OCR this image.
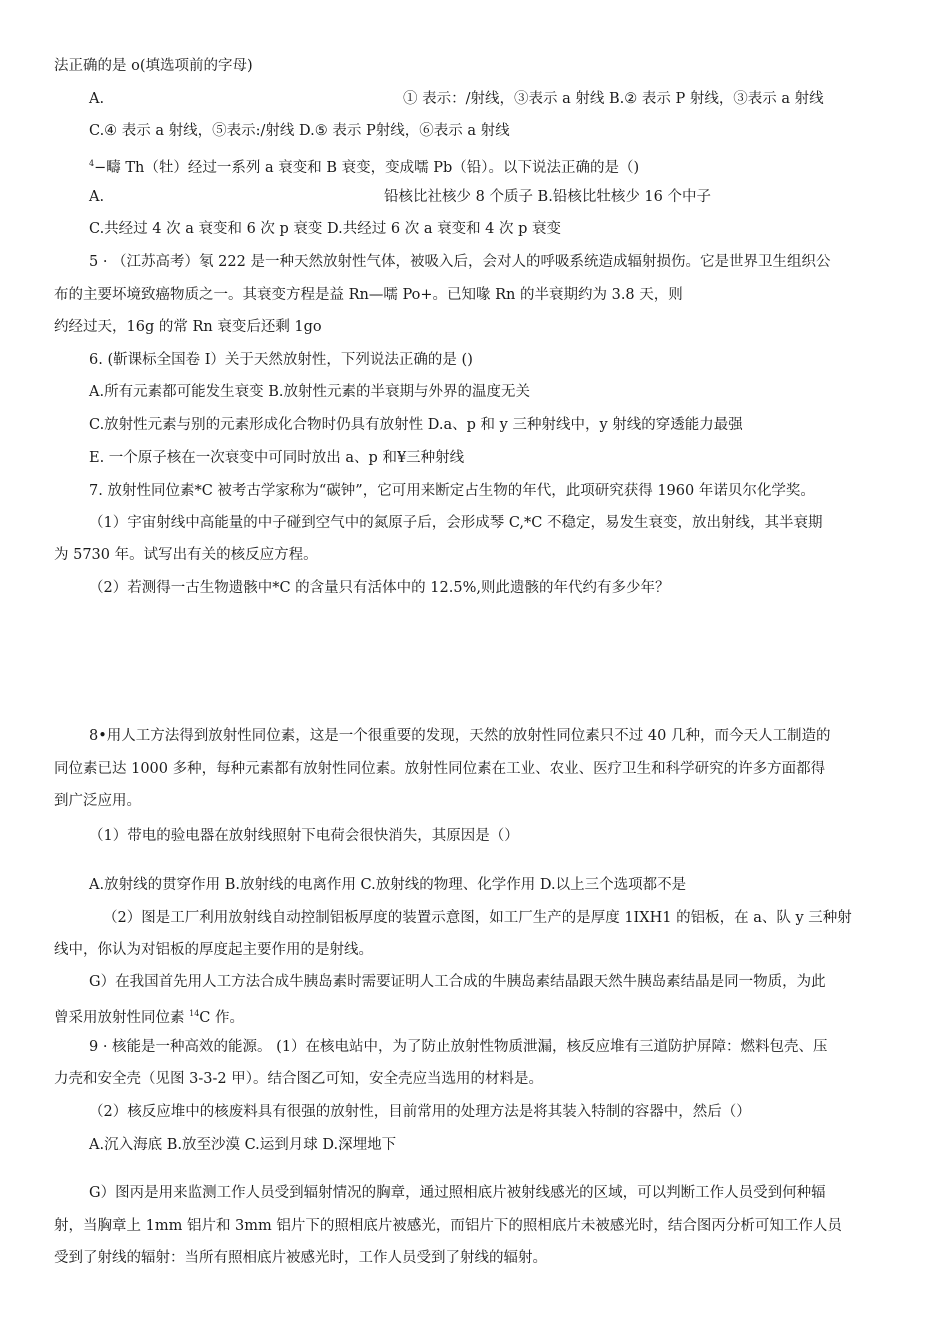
法正确的是 o(填选项前的字母)
A.	① 表示：/射线，③表示 a 射线 B.② 表示 P 射线，③表示 a 射线
C.④ 表示 a 射线，⑤表示:/射线 D.⑤ 表示 P射线，⑥表示 a 射线
$^4$−疇 Th（牡）经过一系列 a 衰变和 B 衰变，变成嚅 Pb（铅）。以下说法正确的是（)
A.	铅核比社核少 8 个质子 B.铅核比牡核少 16 个中子
C.共经过 4 次 a 衰变和 6 次 p 衰变 D.共经过 6 次 a 衰变和 4 次 p 衰变
5 · （江苏高考）氡 222 是一种天然放射性气体，被吸入后，会对人的呼吸系统造成辐射损伤。它是世界卫生组织公
布的主要坏境致癌物质之一。其衰变方程是益 Rn—嚅 Po+。已知喙 Rn 的半衰期约为 3.8 天，则
约经过天，16g 的常 Rn 衰变后还剩 1go
6. (靳课标全国卷 I）关于天然放射性，下列说法正确的是 ()
A.所有元素都可能发生衰变 B.放射性元素的半衰期与外界的温度无关
C.放射性元素与别的元素形成化合物时仍具有放射性 D.a、p 和 y 三种射线中，y 射线的穿透能力最强
E. 一个原子核在一次衰变中可同时放出 a、p 和¥三种射线
7. 放射性同位素*C 被考古学家称为“碳钟”，它可用来断定占生物的年代，此项研究获得 1960 年诺贝尔化学奖。
（1）宇宙射线中高能量的中子碰到空气中的氮原子后，会形成琴 C,*C 不稳定，易发生衰变，放出射线，其半衰期
为 5730 年。试写出有关的核反应方程。
（2）若测得一古生物遗骸中*C 的含量只有活体中的 12.5%,则此遗骸的年代约有多少年？
8•用人工方法得到放射性同位素，这是一个很重要的发现，天然的放射性同位素只不过 40 几种，而今天人工制造的
同位素已达 1000 多种，每种元素都有放射性同位素。放射性同位素在工业、农业、医疗卫生和科学研究的许多方面都得
到广泛应用。
（1）带电的验电器在放射线照射下电荷会很快消失，其原因是（）
A.放射线的贯穿作用 B.放射线的电离作用 C.放射线的物理、化学作用 D.以上三个选项都不是
（2）图是工厂利用放射线自动控制铝板厚度的装置示意图，如工厂生产的是厚度 1IXH1 的铝板，在 a、队 y 三种射
线中，你认为对铝板的厚度起主要作用的是射线。
G）在我国首先用人工方法合成牛胰岛素时需要证明人工合成的牛胰岛素结晶跟天然牛胰岛素结晶是同一物质，为此
曾采用放射性同位素 $^{14}$C 作。
9 · 核能是一种高效的能源。 (1）在核电站中，为了防止放射性物质泄漏，核反应堆有三道防护屏障：燃料包壳、压
力壳和安全壳（见图 3-3-2 甲）。结合图乙可知，安全壳应当选用的材料是。
（2）核反应堆中的核废料具有很强的放射性，目前常用的处理方法是将其装入特制的容器中，然后（）
A.沉入海底 B.放至沙漠 C.运到月球 D.深埋地下
G）图丙是用来监测工作人员受到辐射情况的胸章，通过照相底片被射线感光的区域，可以判断工作人员受到何种辐
射，当胸章上 1mm 铝片和 3mm 铝片下的照相底片被感光，而铝片下的照相底片未被感光时，结合图丙分析可知工作人员
受到了射线的辐射：当所有照相底片被感光时，工作人员受到了射线的辐射。
